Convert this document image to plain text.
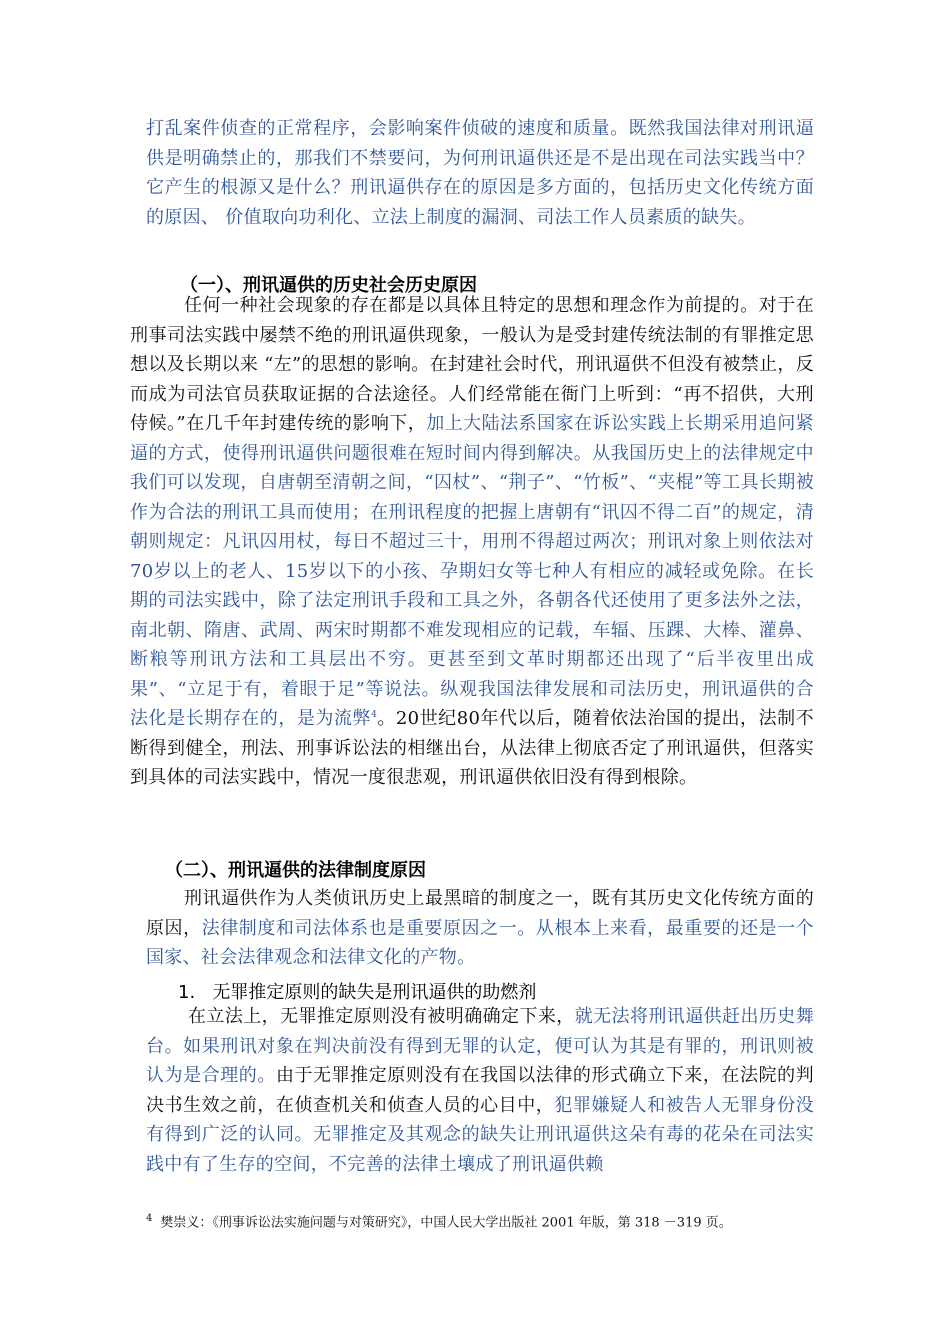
打乱案件侦查的正常程序，会影响案件侦破的速度和质量。既然我国法律对刑讯逼供是明确禁止的，那我们不禁要问，为何刑讯逼供还是不是出现在司法实践当中？它产生的根源又是什么？刑讯逼供存在的原因是多方面的，包括历史文化传统方面的原因、 价值取向功利化、立法上制度的漏洞、司法工作人员素质的缺失。

（一）、刑讯逼供的历史社会历史原因

任何一种社会现象的存在都是以具体且特定的思想和理念作为前提的。对于在刑事司法实践中屡禁不绝的刑讯逼供现象，一般认为是受封建传统法制的有罪推定思想以及长期以来 “左”的思想的影响。在封建社会时代，刑讯逼供不但没有被禁止，反而成为司法官员获取证据的合法途径。人们经常能在衙门上听到：“再不招供，大刑侍候。”在几千年封建传统的影响下，加上大陆法系国家在诉讼实践上长期采用追问紧逼的方式，使得刑讯逼供问题很难在短时间内得到解决。从我国历史上的法律规定中我们可以发现，自唐朝至清朝之间，“囚杖”、“荆子”、“竹板”、“夹棍”等工具长期被作为合法的刑讯工具而使用；在刑讯程度的把握上唐朝有“讯囚不得二百”的规定，清朝则规定：凡讯囚用杖，每日不超过三十，用刑不得超过两次；刑讯对象上则依法对70岁以上的老人、15岁以下的小孩、孕期妇女等七种人有相应的减轻或免除。在长期的司法实践中，除了法定刑讯手段和工具之外，各朝各代还使用了更多法外之法，南北朝、隋唐、武周、两宋时期都不难发现相应的记载，车辐、压踝、大棒、灌鼻、断粮等刑讯方法和工具层出不穷。更甚至到文革时期都还出现了“后半夜里出成果”、“立足于有，着眼于足”等说法。纵观我国法律发展和司法历史，刑讯逼供的合法化是长期存在的，是为流弊$^4$。20世纪80年代以后，随着依法治国的提出，法制不断得到健全，刑法、刑事诉讼法的相继出台，从法律上彻底否定了刑讯逼供，但落实到具体的司法实践中，情况一度很悲观，刑讯逼供依旧没有得到根除。

（二）、刑讯逼供的法律制度原因

刑讯逼供作为人类侦讯历史上最黑暗的制度之一，既有其历史文化传统方面的原因，法律制度和司法体系也是重要原因之一。从根本上来看，最重要的还是一个国家、社会法律观念和法律文化的产物。

1. 无罪推定原则的缺失是刑讯逼供的助燃剂

在立法上，无罪推定原则没有被明确确定下来，就无法将刑讯逼供赶出历史舞台。如果刑讯对象在判决前没有得到无罪的认定，便可认为其是有罪的，刑讯则被认为是合理的。由于无罪推定原则没有在我国以法律的形式确立下来，在法院的判决书生效之前，在侦查机关和侦查人员的心目中，犯罪嫌疑人和被告人无罪身份没有得到广泛的认同。无罪推定及其观念的缺失让刑讯逼供这朵有毒的花朵在司法实践中有了生存的空间，不完善的法律土壤成了刑讯逼供赖

$^4$ 樊崇义：《刑事诉讼法实施问题与对策研究》，中国人民大学出版社 2001 年版，第 318 －319 页。
